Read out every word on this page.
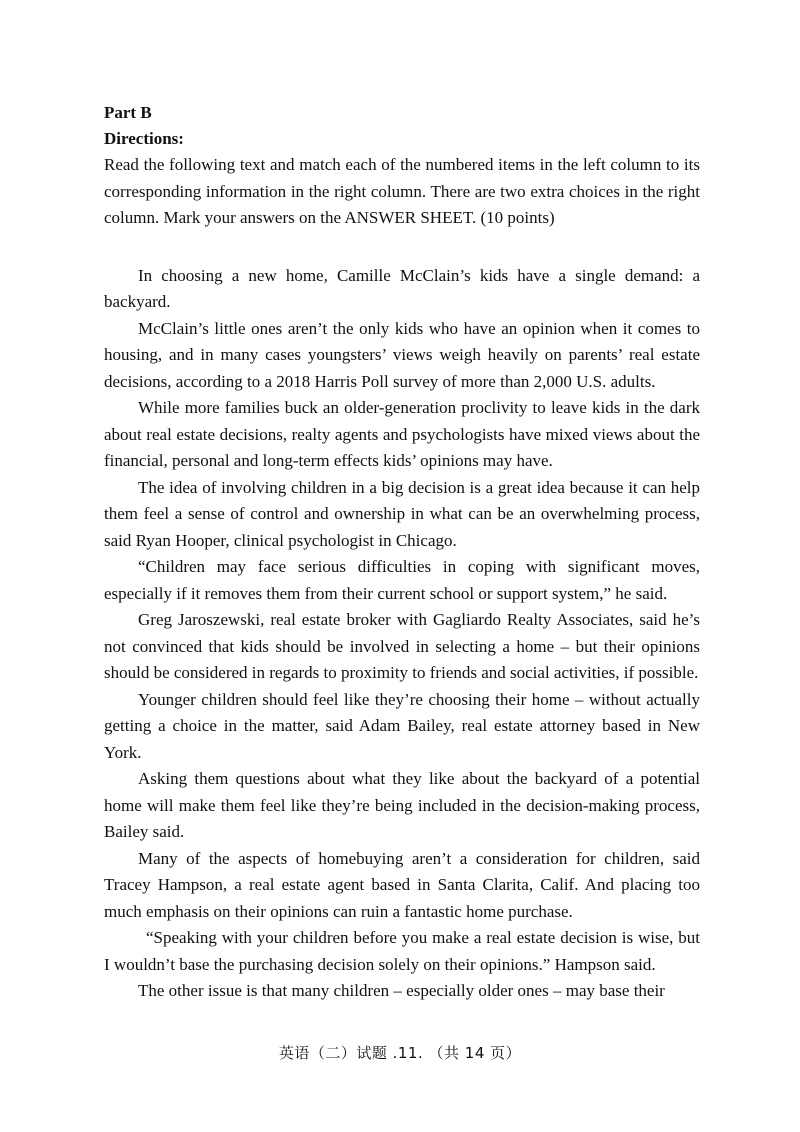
Part B

Directions:

Read the following text and match each of the numbered items in the left column to its corresponding information in the right column. There are two extra choices in the right column. Mark your answers on the ANSWER SHEET. (10 points)

In choosing a new home, Camille McClain’s kids have a single demand: a backyard.

McClain’s little ones aren’t the only kids who have an opinion when it comes to housing, and in many cases youngsters’ views weigh heavily on parents’ real estate decisions, according to a 2018 Harris Poll survey of more than 2,000 U.S. adults.

While more families buck an older-generation proclivity to leave kids in the dark about real estate decisions, realty agents and psychologists have mixed views about the financial, personal and long-term effects kids’ opinions may have.

The idea of involving children in a big decision is a great idea because it can help them feel a sense of control and ownership in what can be an overwhelming process, said Ryan Hooper, clinical psychologist in Chicago.

“Children may face serious difficulties in coping with significant moves, especially if it removes them from their current school or support system,” he said.

Greg Jaroszewski, real estate broker with Gagliardo Realty Associates, said he’s not convinced that kids should be involved in selecting a home – but their opinions should be considered in regards to proximity to friends and social activities, if possible.

Younger children should feel like they’re choosing their home – without actually getting a choice in the matter, said Adam Bailey, real estate attorney based in New York.

Asking them questions about what they like about the backyard of a potential home will make them feel like they’re being included in the decision-making process, Bailey said.

Many of the aspects of homebuying aren’t a consideration for children, said Tracey Hampson, a real estate agent based in Santa Clarita, Calif. And placing too much emphasis on their opinions can ruin a fantastic home purchase.

“Speaking with your children before you make a real estate decision is wise, but I wouldn’t base the purchasing decision solely on their opinions.” Hampson said.

The other issue is that many children – especially older ones – may base their

英语（二）试题 .11. （共 14 页）
